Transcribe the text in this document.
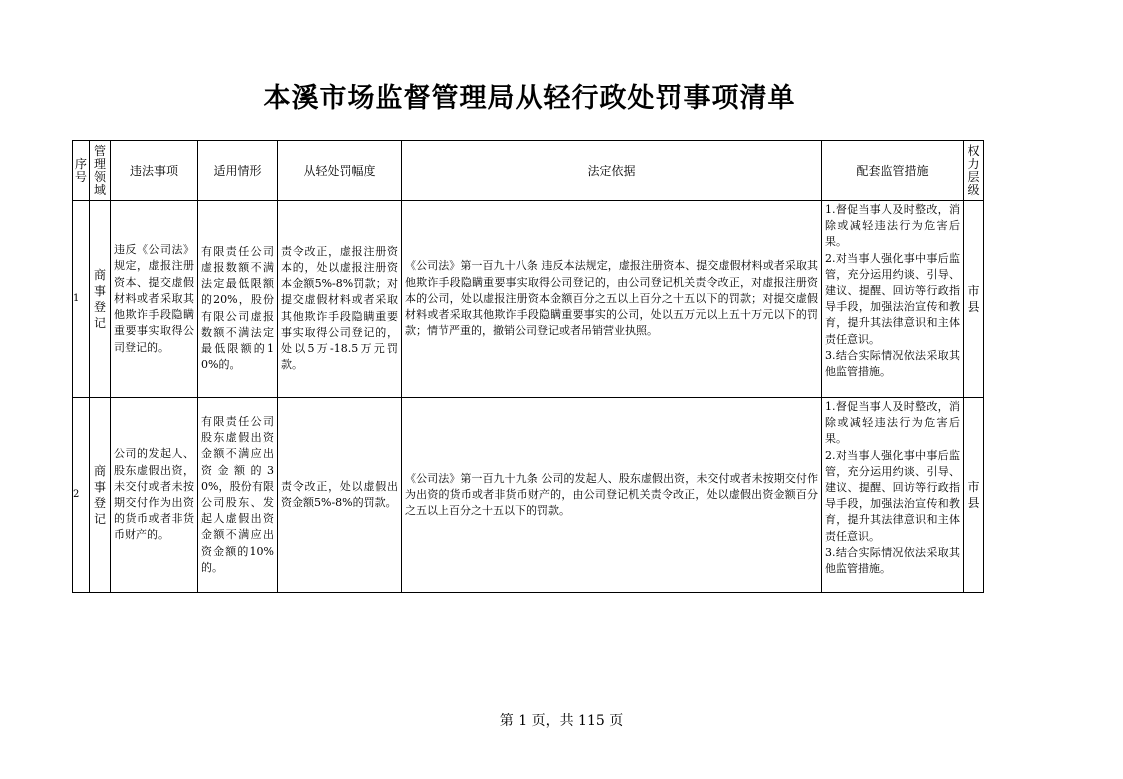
本溪市场监督管理局从轻行政处罚事项清单
序号	管理领域	违法事项	适用情形	从轻处罚幅度	法定依据	配套监管措施	权力层级

1	商事登记	违反《公司法》规定，虚报注册资本、提交虚假材料或者采取其他欺诈手段隐瞒重要事实取得公司登记的。	有限责任公司虚报数额不满法定最低限额的20%，股份有限公司虚报数额不满法定最低限额的10%的。	责令改正，虚报注册资本的，处以虚报注册资本金额5%-8%罚款；对提交虚假材料或者采取其他欺诈手段隐瞒重要事实取得公司登记的，处以5万-18.5万元罚款。	《公司法》第一百九十八条 违反本法规定，虚报注册资本、提交虚假材料或者采取其他欺诈手段隐瞒重要事实取得公司登记的，由公司登记机关责令改正，对虚报注册资本的公司，处以虚报注册资本金额百分之五以上百分之十五以下的罚款；对提交虚假材料或者采取其他欺诈手段隐瞒重要事实的公司，处以五万元以上五十万元以下的罚款；情节严重的，撤销公司登记或者吊销营业执照。	1.督促当事人及时整改，消除或减轻违法行为危害后果。
2.对当事人强化事中事后监管，充分运用约谈、引导、建议、提醒、回访等行政指导手段，加强法治宣传和教育，提升其法律意识和主体责任意识。
3.结合实际情况依法采取其他监管措施。	市县
2	商事登记	公司的发起人、股东虚假出资，未交付或者未按期交付作为出资的货币或者非货币财产的。	有限责任公司股东虚假出资金额不满应出资金额的30%，股份有限公司股东、发起人虚假出资金额不满应出资金额的10%的。	责令改正，处以虚假出资金额5%-8%的罚款。	《公司法》第一百九十九条 公司的发起人、股东虚假出资，未交付或者未按期交付作为出资的货币或者非货币财产的，由公司登记机关责令改正，处以虚假出资金额百分之五以上百分之十五以下的罚款。	1.督促当事人及时整改，消除或减轻违法行为危害后果。
2.对当事人强化事中事后监管，充分运用约谈、引导、建议、提醒、回访等行政指导手段，加强法治宣传和教育，提升其法律意识和主体责任意识。
3.结合实际情况依法采取其他监管措施。	市县
第 1 页，共 115 页
